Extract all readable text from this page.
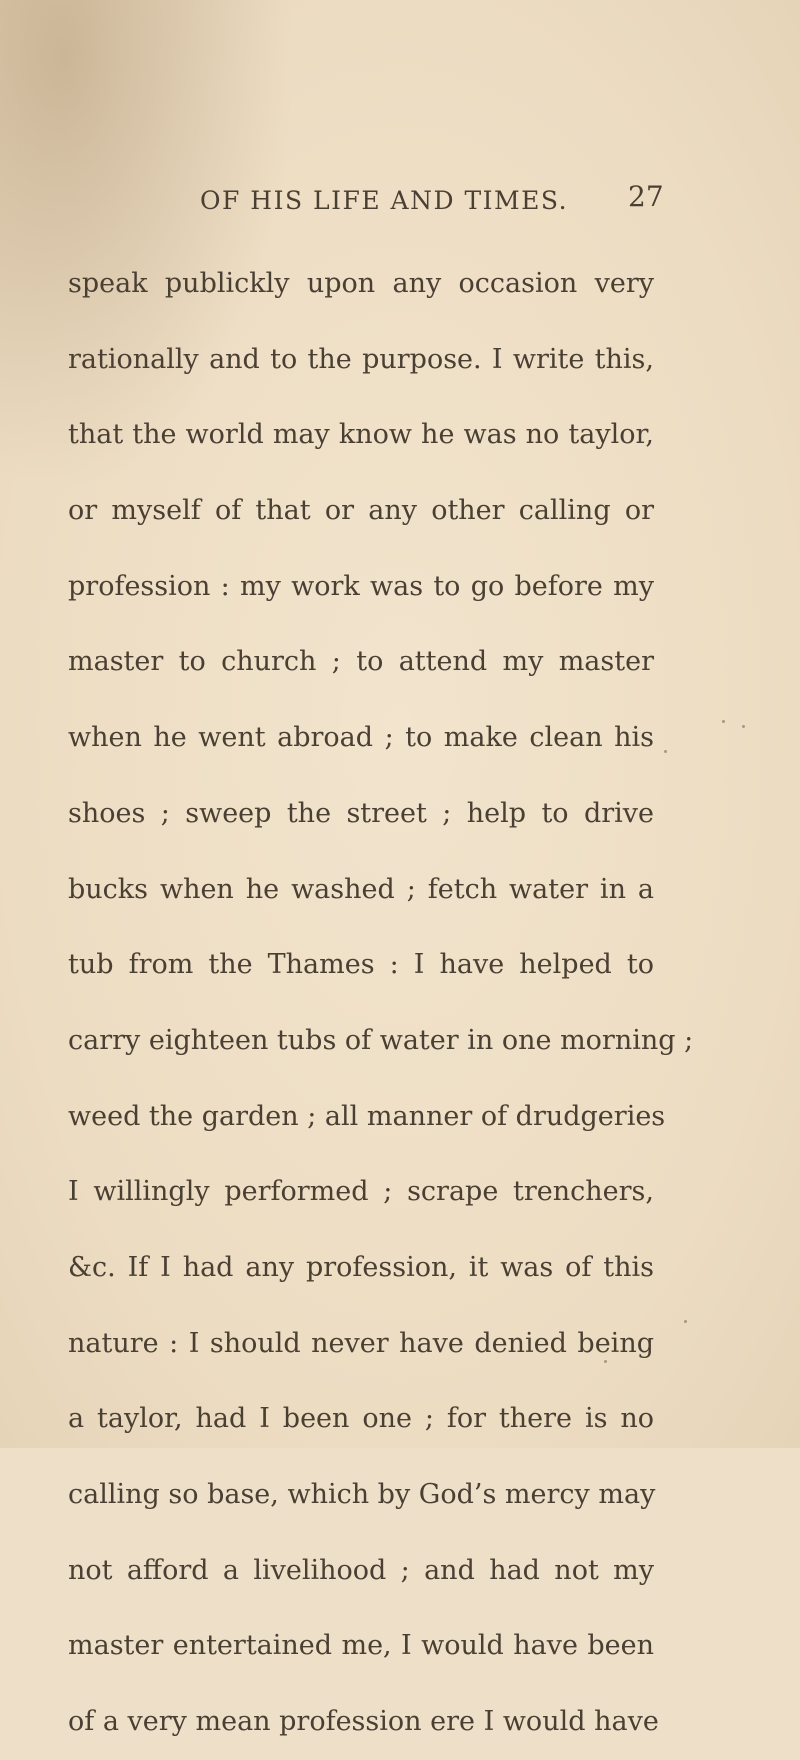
OF HIS LIFE AND TIMES. 27
speak publickly upon any occasion very
rationally and to the purpose. I write this,
that the world may know he was no taylor,
or myself of that or any other calling or
profession : my work was to go before my
master to church ; to attend my master
when he went abroad ; to make clean his
shoes ; sweep the street ; help to drive
bucks when he washed ; fetch water in a
tub from the Thames : I have helped to
carry eighteen tubs of water in one morning ;
weed the garden ; all manner of drudgeries
I willingly performed ; scrape trenchers,
&c. If I had any profession, it was of this
nature : I should never have denied being
a taylor, had I been one ; for there is no
calling so base, which by God’s mercy may
not afford a livelihood ; and had not my
master entertained me, I would have been
of a very mean profession ere I would have
